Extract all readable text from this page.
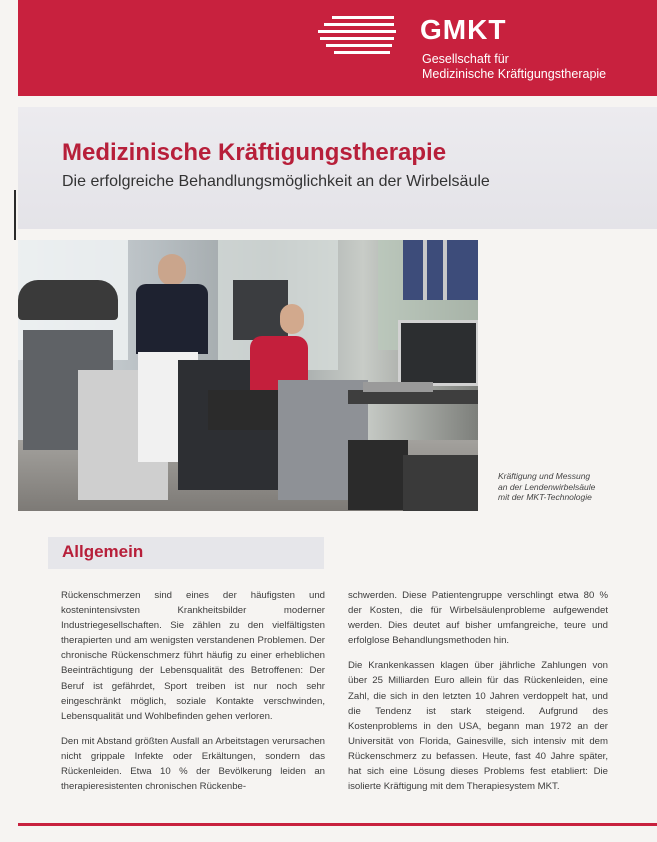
GMKT
Gesellschaft für
Medizinische Kräftigungstherapie
Medizinische Kräftigungstherapie
Die erfolgreiche Behandlungsmöglichkeit an der Wirbelsäule
Kräftigung und Messung
an der Lendenwirbelsäule
mit der MKT-Technologie
Allgemein

Rückenschmerzen sind eines der häufigsten und kostenintensivsten Krankheitsbilder moderner Industriegesellschaften. Sie zählen zu den vielfältigsten therapierten und am wenigsten verstandenen Problemen. Der chronische Rückenschmerz führt häufig zu einer erheblichen Beeinträchtigung der Lebensqualität des Betroffenen: Der Beruf ist gefährdet, Sport treiben ist nur noch sehr eingeschränkt möglich, soziale Kontakte verschwinden, Lebensqualität und Wohlbefinden gehen verloren.

Den mit Abstand größten Ausfall an Arbeitstagen verursachen nicht grippale Infekte oder Erkältungen, sondern das Rückenleiden. Etwa 10 % der Bevölkerung leiden an therapieresistenten chronischen Rückenbe-

schwerden. Diese Patientengruppe verschlingt etwa 80 % der Kosten, die für Wirbelsäulenprobleme aufgewendet werden. Dies deutet auf bisher umfangreiche, teure und erfolglose Behandlungsmethoden hin.

Die Krankenkassen klagen über jährliche Zahlungen von über 25 Milliarden Euro allein für das Rückenleiden, eine Zahl, die sich in den letzten 10 Jahren verdoppelt hat, und die Tendenz ist stark steigend. Aufgrund des Kostenproblems in den USA, begann man 1972 an der Universität von Florida, Gainesville, sich intensiv mit dem Rückenschmerz zu befassen. Heute, fast 40 Jahre später, hat sich eine Lösung dieses Problems fest etabliert: Die isolierte Kräftigung mit dem Therapiesystem MKT.
